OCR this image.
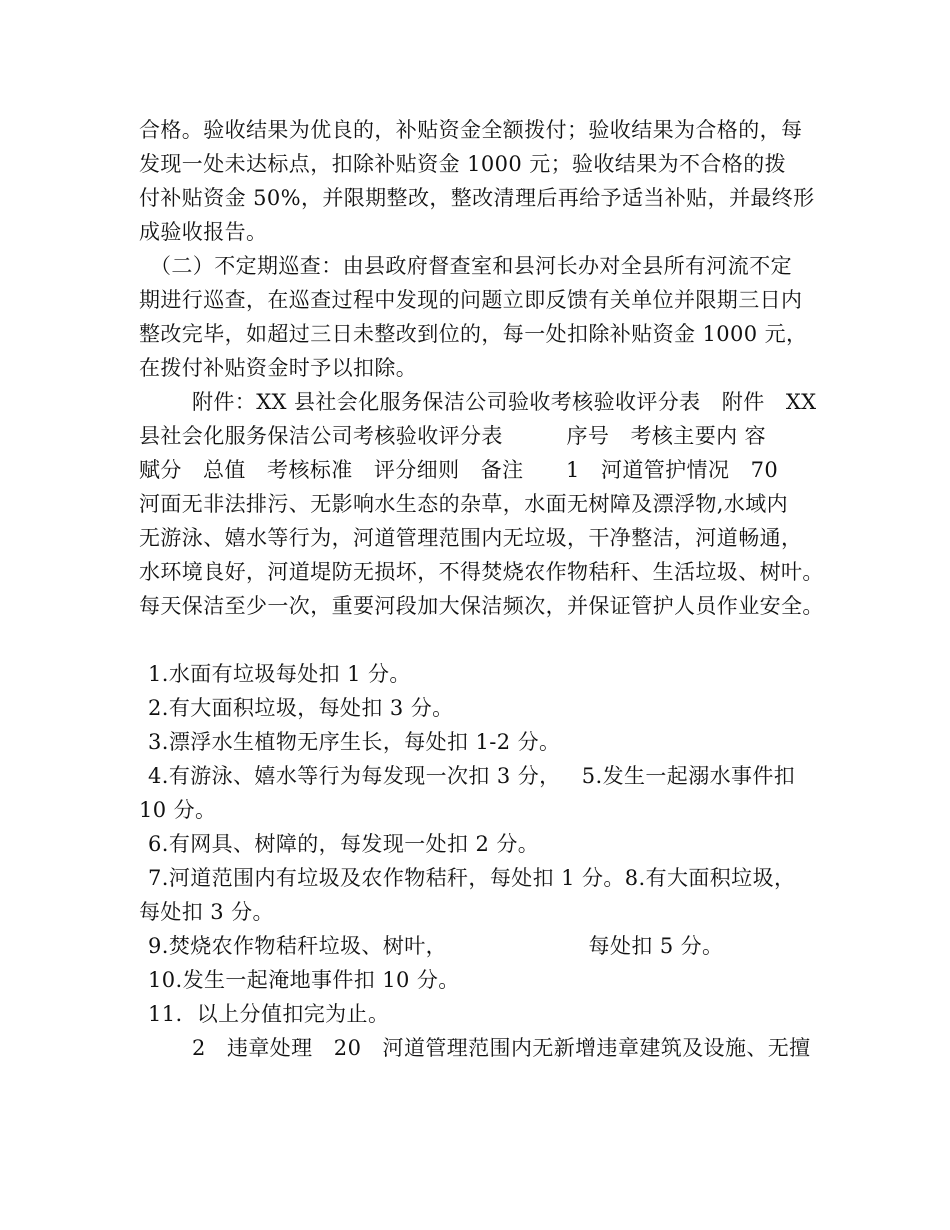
合格。验收结果为优良的，补贴资金全额拨付；验收结果为合格的，每
发现一处未达标点，扣除补贴资金 1000 元；验收结果为不合格的拨
付补贴资金 50%，并限期整改，整改清理后再给予适当补贴，并最终形
成验收报告。
（二）不定期巡查：由县政府督查室和县河长办对全县所有河流不定
期进行巡查，在巡查过程中发现的问题立即反馈有关单位并限期三日内
整改完毕，如超过三日未整改到位的，每一处扣除补贴资金 1000 元，
在拨付补贴资金时予以扣除。
附件：XX 县社会化服务保洁公司验收考核验收评分表   附件   XX
县社会化服务保洁公司考核验收评分表         序号   考核主要内 容
赋分   总值   考核标准   评分细则   备注      1   河道管护情况   70
河面无非法排污、无影响水生态的杂草，水面无树障及漂浮物,水域内
无游泳、嬉水等行为，河道管理范围内无垃圾，干净整洁，河道畅通，
水环境良好，河道堤防无损坏，不得焚烧农作物秸秆、生活垃圾、树叶。
每天保洁至少一次，重要河段加大保洁频次，并保证管护人员作业安全。
1.水面有垃圾每处扣 1 分。
2.有大面积垃圾，每处扣 3 分。
3.漂浮水生植物无序生长，每处扣 1-2 分。
4.有游泳、嬉水等行为每发现一次扣 3 分，   5.发生一起溺水事件扣
10 分。
6.有网具、树障的，每发现一处扣 2 分。
7.河道范围内有垃圾及农作物秸秆，每处扣 1 分。8.有大面积垃圾，
每处扣 3 分。
9.焚烧农作物秸秆垃圾、树叶，                    每处扣 5 分。
10.发生一起淹地事件扣 10 分。
11.  以上分值扣完为止。
2   违章处理   20   河道管理范围内无新增违章建筑及设施、无擅
